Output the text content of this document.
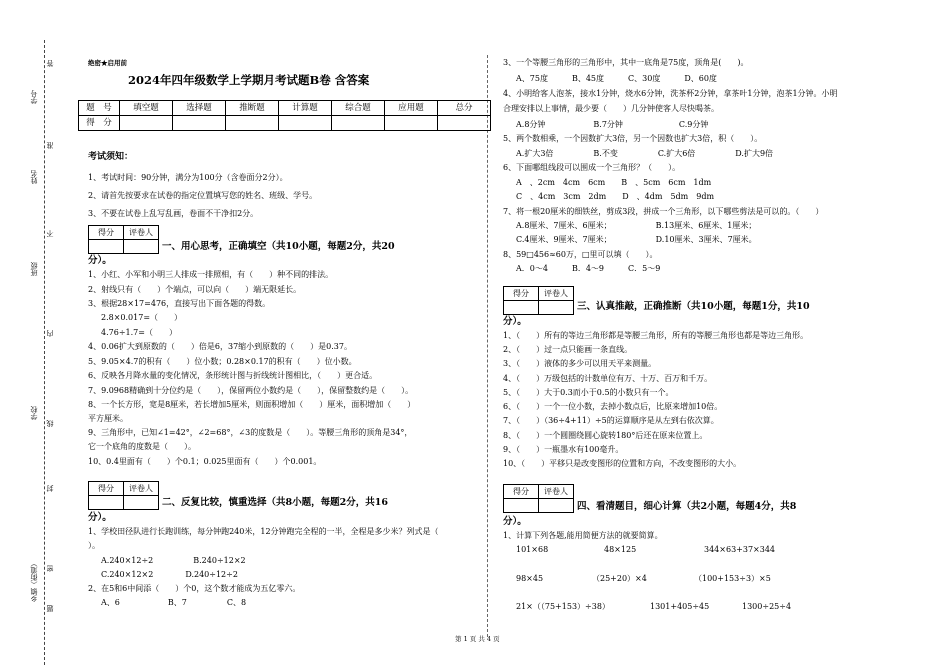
学号
姓名
班级
学校
乡镇（街道）
答
准
不
内
线
封
密
题
绝密★启用前
2024年四年级数学上学期月考试题B卷 含答案
题　号	填空题	选择题	推断题	计算题	综合题	应用题	总分
得　分							
考试须知：
1、考试时间：90分钟，满分为100分（含卷面分2分）。
2、请首先按要求在试卷的指定位置填写您的姓名、班级、学号。
3、不要在试卷上乱写乱画，卷面不干净扣2分。
得分	评卷人

一、用心思考，正确填空（共10小题，每题2分，共20
分）。
1、小红、小军和小明三人排成一排照相，有（　　）种不同的排法。
2、射线只有（　　）个端点，可以向（　　）端无限延长。
3、根据28×17=476，直接写出下面各题的得数。
2.8×0.017=（　　）
4.76÷1.7=（　　）
4、0.06扩大到原数的（　　）倍是6，37缩小到原数的（　　）是0.37。
5、9.05×4.7的积有（　　）位小数；0.28×0.17的积有（　　）位小数。
6、反映各月降水量的变化情况，条形统计图与折线统计图相比，（　　）更合适。
7、9.0968精确到十分位约是（　　），保留两位小数约是（　　），保留整数约是（　　）。
8、一个长方形，宽是8厘米，若长增加5厘米，则面积增加（　　）厘米，面积增加（　　）
平方厘米。
9、三角形中，已知∠1=42°，∠2=68°，∠3的度数是（　　）。等腰三角形的顶角是34°，
它一个底角的度数是（　　）。
10、0.4里面有（　　）个0.1；0.025里面有（　　）个0.001。
得分	评卷人

二、反复比较，慎重选择（共8小题，每题2分，共16
分）。
1、学校田径队进行长跑训练，每分钟跑240米，12分钟跑完全程的一半，全程是多少米？列式是（
）。
A.240×12÷2　　　　　B.240÷12×2
C.240×12×2　　　　D.240÷12÷2
2、在5和6中间添（　　）个0，这个数才能成为五亿零六。
A、6　　　　　　B、7　　　　　C、8
3、一个等腰三角形的三角形中，其中一底角是75度，顶角是(　　)。
A、75度　　　B、45度　　　C、30度　　　D、60度
4、小明给客人泡茶，接水1分钟，烧水6分钟，洗茶杯2分钟，拿茶叶1分钟，泡茶1分钟。小明
合理安排以上事情，最少要（　　）几分钟使客人尽快喝茶。
A.8分钟　　　　　　B.7分钟　　　　　　　C.9分钟
5、两个数相乘，一个因数扩大3倍，另一个因数也扩大3倍，积（　　）。
A.扩大3倍　　　　　B.不变　　　　　C.扩大6倍　　　　　D.扩大9倍
6、下面哪组线段可以围成一个三角形？（　　）。
A　、2cm　4cm　6cm　　B　、5cm　6cm　1dm
C　、4cm　3cm　2dm　　D　、4dm　5dm　9dm
7、将一根20厘米的细铁丝，剪成3段，拼成一个三角形，以下哪些剪法是可以的。（　　）
A.8厘米、7厘米、6厘米；　　　　　　B.13厘米、6厘米、1厘米；
C.4厘米、9厘米、7厘米；　　　　　　D.10厘米、3厘米、7厘米。
8、59□456≈60万，□里可以填（　　）。
A．0～4　　　B．4～9　　　C．5～9
得分	评卷人

三、认真推敲，正确推断（共10小题，每题1分，共10
分）。
1、（　　）所有的等边三角形都是等腰三角形，所有的等腰三角形也都是等边三角形。
2、（　　）过一点只能画一条直线。
3、（　　）液体的多少可以用天平来测量。
4、（　　）万级包括的计数单位有万、十万、百万和千万。
5、（　　）大于0.3而小于0.5的小数只有一个。
6、（　　）一个一位小数，去掉小数点后，比原来增加10倍。
7、（　　）（36÷4+11）÷5的运算顺序是从左到右依次算。
8、（　　）一个圆圈绕圆心旋转180°后还在原来位置上。
9、（　　）一瓶墨水有100毫升。
10、（　　）平移只是改变图形的位置和方向，不改变图形的大小。
得分	评卷人

四、看清题目，细心计算（共2小题，每题4分，共8
分）。
1、计算下列各题,能用简便方法的就要简算。
101×68	48×125	344×63+37×344
98×45	（25+20）×4	（100+153÷3）×5
21×（（75+153）÷38）	1301+405÷45	1300÷25÷4
第 1 页 共 4 页
